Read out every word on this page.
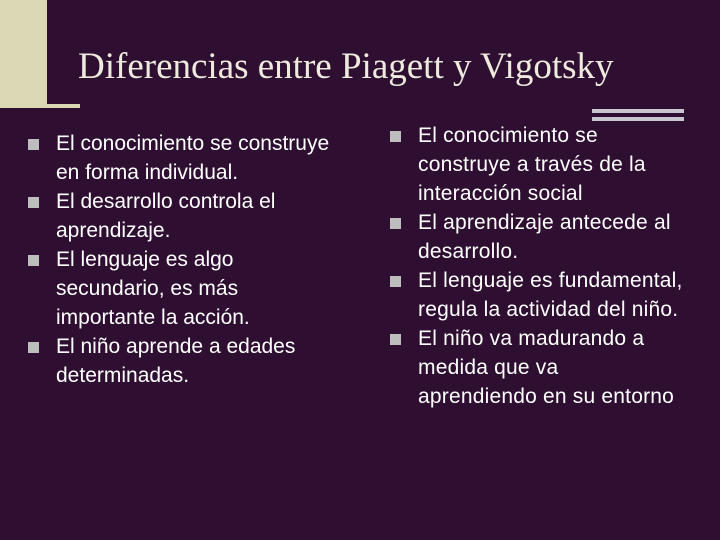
Diferencias entre Piagett y Vigotsky
El conocimiento se construye
en forma individual.
El desarrollo controla el
aprendizaje.
El lenguaje es algo
secundario, es más
importante la acción.
El niño aprende a edades
determinadas.
El conocimiento se
construye a través de la
interacción social
El aprendizaje antecede al
desarrollo.
El lenguaje es fundamental,
regula la actividad del niño.
El niño va madurando a
medida que va
aprendiendo en su entorno
